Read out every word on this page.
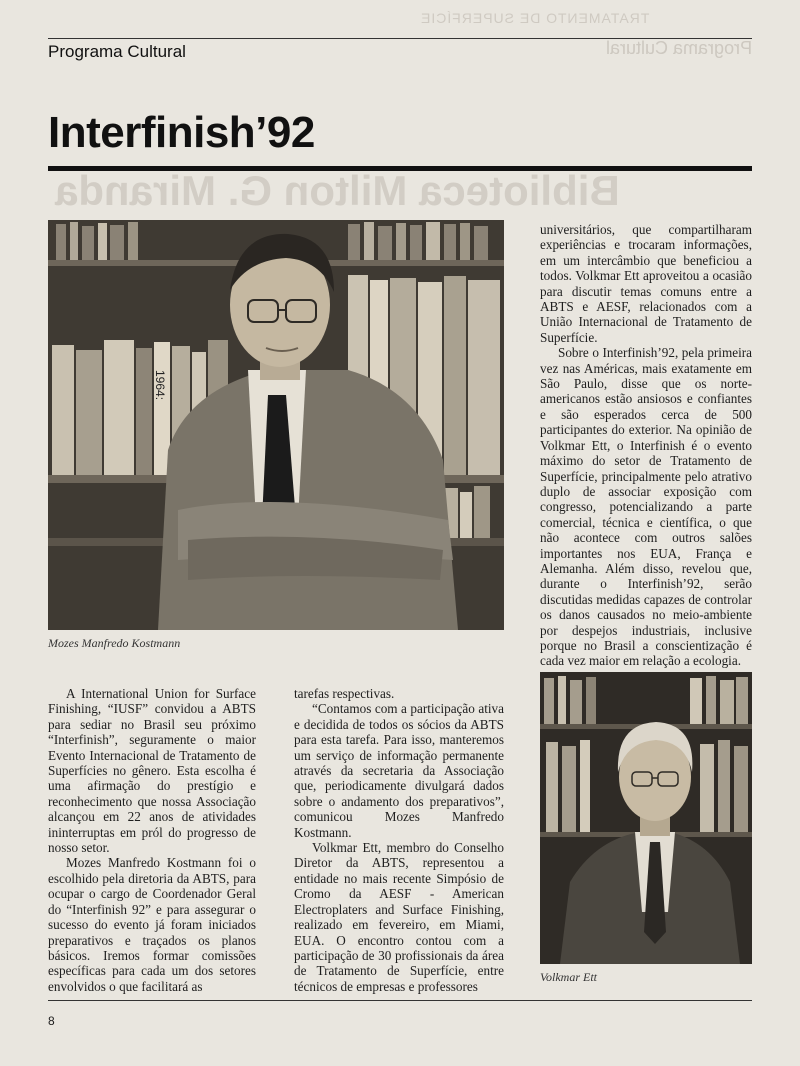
TRATAMENTO DE SUPERFÍCIE
Programa Cultural	Programa Cultural
Interfinish’92
Biblioteca Milton G. Miranda
1964:
Mozes Manfredo Kostmann

universitários, que compartilharam experiências e trocaram informações, em um intercâmbio que beneficiou a todos. Volkmar Ett aproveitou a ocasião para discutir temas comuns entre a ABTS e AESF, relacionados com a União Internacional de Tratamento de Superfície.

Sobre o Interfinish’92, pela primeira vez nas Américas, mais exatamente em São Paulo, disse que os norte-americanos estão ansiosos e confiantes e são esperados cerca de 500 participantes do exterior. Na opinião de Volkmar Ett, o Interfinish é o evento máximo do setor de Tratamento de Superfície, principalmente pelo atrativo duplo de associar exposição com congresso, potencializando a parte comercial, técnica e científica, o que não acontece com outros salões importantes nos EUA, França e Alemanha. Além disso, revelou que, durante o Interfinish’92, serão discutidas medidas capazes de controlar os danos causados no meio-ambiente por despejos industriais, inclusive porque no Brasil a conscientização é cada vez maior em relação a ecologia.

Volkmar Ett

A International Union for Surface Finishing, “IUSF” convidou a ABTS para sediar no Brasil seu próximo “Interfinish”, seguramente o maior Evento Internacional de Tratamento de Superfícies no gênero. Esta escolha é uma afirmação do prestígio e reconhecimento que nossa Associação alcançou em 22 anos de atividades ininterruptas em pról do progresso de nosso setor.

Mozes Manfredo Kostmann foi o escolhido pela diretoria da ABTS, para ocupar o cargo de Coordenador Geral do “Interfinish 92” e para assegurar o sucesso do evento já foram iniciados preparativos e traçados os planos básicos. Iremos formar comissões específicas para cada um dos setores envolvidos o que facilitará as

tarefas respectivas.

“Contamos com a participação ativa e decidida de todos os sócios da ABTS para esta tarefa. Para isso, manteremos um serviço de informação permanente através da secretaria da Associação que, periodicamente divulgará dados sobre o andamento dos preparativos”, comunicou Mozes Manfredo Kostmann.

Volkmar Ett, membro do Conselho Diretor da ABTS, representou a entidade no mais recente Simpósio de Cromo da AESF - American Electroplaters and Surface Finishing, realizado em fevereiro, em Miami, EUA. O encontro contou com a participação de 30 profissionais da área de Tratamento de Superfície, entre técnicos de empresas e professores

8
